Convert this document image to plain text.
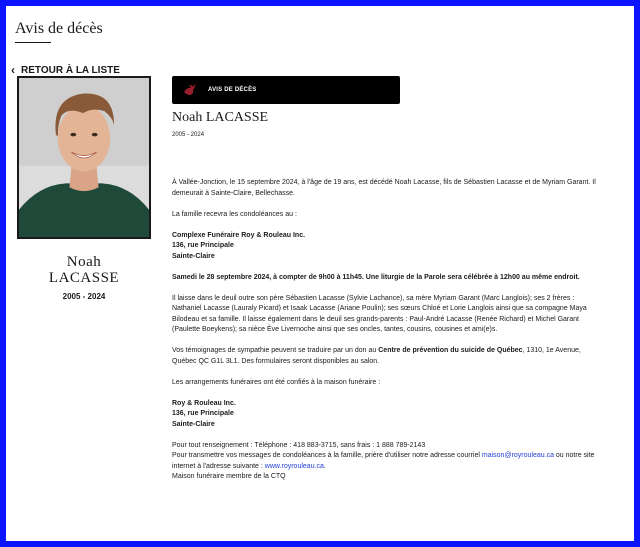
Avis de décès
‹ RETOUR À LA LISTE
Noah
LACASSE
2005 - 2024
AVIS DE DÉCÈS
Noah LACASSE
2005 - 2024

À Vallée-Jonction, le 15 septembre 2024, à l'âge de 19 ans, est décédé Noah Lacasse, fils de Sébastien Lacasse et de Myriam Garant. Il demeurait à Sainte-Claire, Bellechasse.

La famille recevra les condoléances au :

Complexe Funéraire Roy & Rouleau Inc.
136, rue Principale
Sainte-Claire

Samedi le 28 septembre 2024, à compter de 9h00 à 11h45. Une liturgie de la Parole sera célébrée à 12h00 au même endroit.

Il laisse dans le deuil outre son père Sébastien Lacasse (Sylvie Lachance), sa mère Myriam Garant (Marc Langlois); ses 2 frères : Nathaniel Lacasse (Lauraly Picard) et Isaak Lacasse (Ariane Poulin); ses sœurs Chloé et Lorie Langlois ainsi que sa compagne Maya Bilodeau et sa famille. Il laisse également dans le deuil ses grands-parents : Paul-André Lacasse (Renée Richard) et Michel Garant (Paulette Boeykens); sa nièce Ève Livernoche ainsi que ses oncles, tantes, cousins, cousines et ami(e)s.

Vos témoignages de sympathie peuvent se traduire par un don au Centre de prévention du suicide de Québec, 1310, 1e Avenue, Québec QC G1L 3L1. Des formulaires seront disponibles au salon.

Les arrangements funéraires ont été confiés à la maison funéraire :

Roy & Rouleau Inc.
136, rue Principale
Sainte-Claire

Pour tout renseignement : Téléphone : 418 883-3715, sans frais : 1 888 789-2143

Pour transmettre vos messages de condoléances à la famille, prière d'utiliser notre adresse courriel maison@royrouleau.ca ou notre site internet à l'adresse suivante : www.royrouleau.ca.

Maison funéraire membre de la CTQ
